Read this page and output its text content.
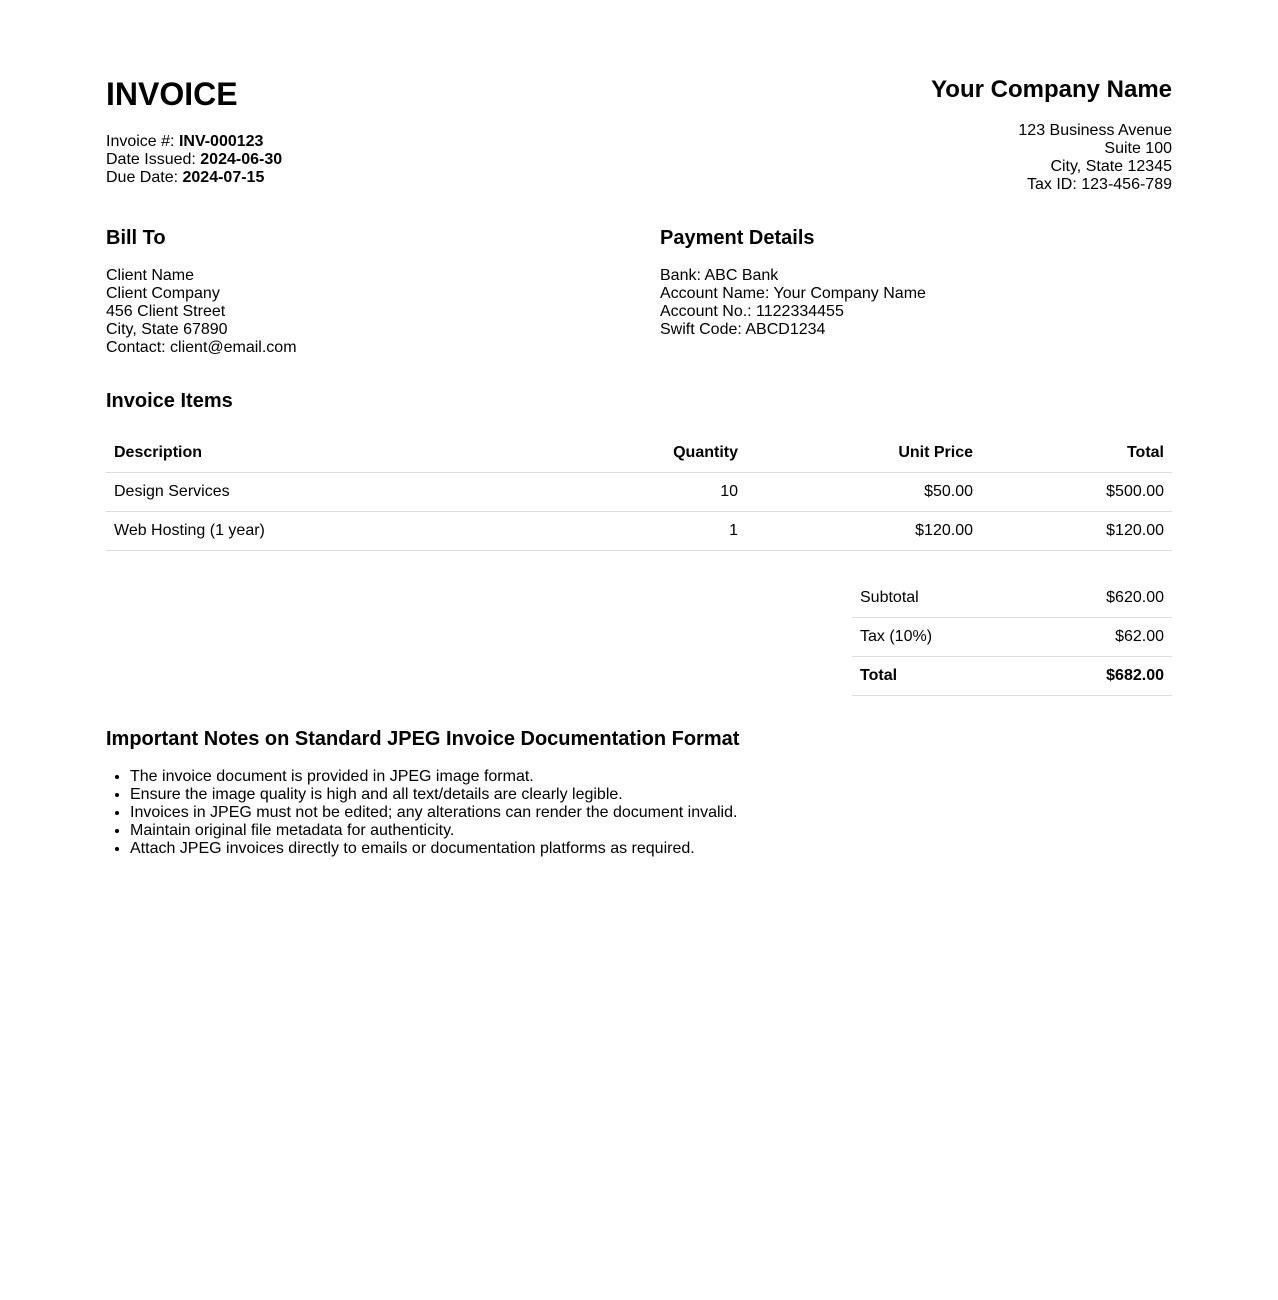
INVOICE
Invoice #: INV-000123
Date Issued: 2024-06-30
Due Date: 2024-07-15
Your Company Name
123 Business Avenue
Suite 100
City, State 12345
Tax ID: 123-456-789
Bill To
Client Name
Client Company
456 Client Street
City, State 67890
Contact: client@email.com
Payment Details
Bank: ABC Bank
Account Name: Your Company Name
Account No.: 1122334455
Swift Code: ABCD1234
Invoice Items
Description	Quantity	Unit Price	Total
Design Services	10	$50.00	$500.00
Web Hosting (1 year)	1	$120.00	$120.00
Subtotal	$620.00
Tax (10%)	$62.00
Total	$682.00
Important Notes on Standard JPEG Invoice Documentation Format
• The invoice document is provided in JPEG image format.
• Ensure the image quality is high and all text/details are clearly legible.
• Invoices in JPEG must not be edited; any alterations can render the document invalid.
• Maintain original file metadata for authenticity.
• Attach JPEG invoices directly to emails or documentation platforms as required.
